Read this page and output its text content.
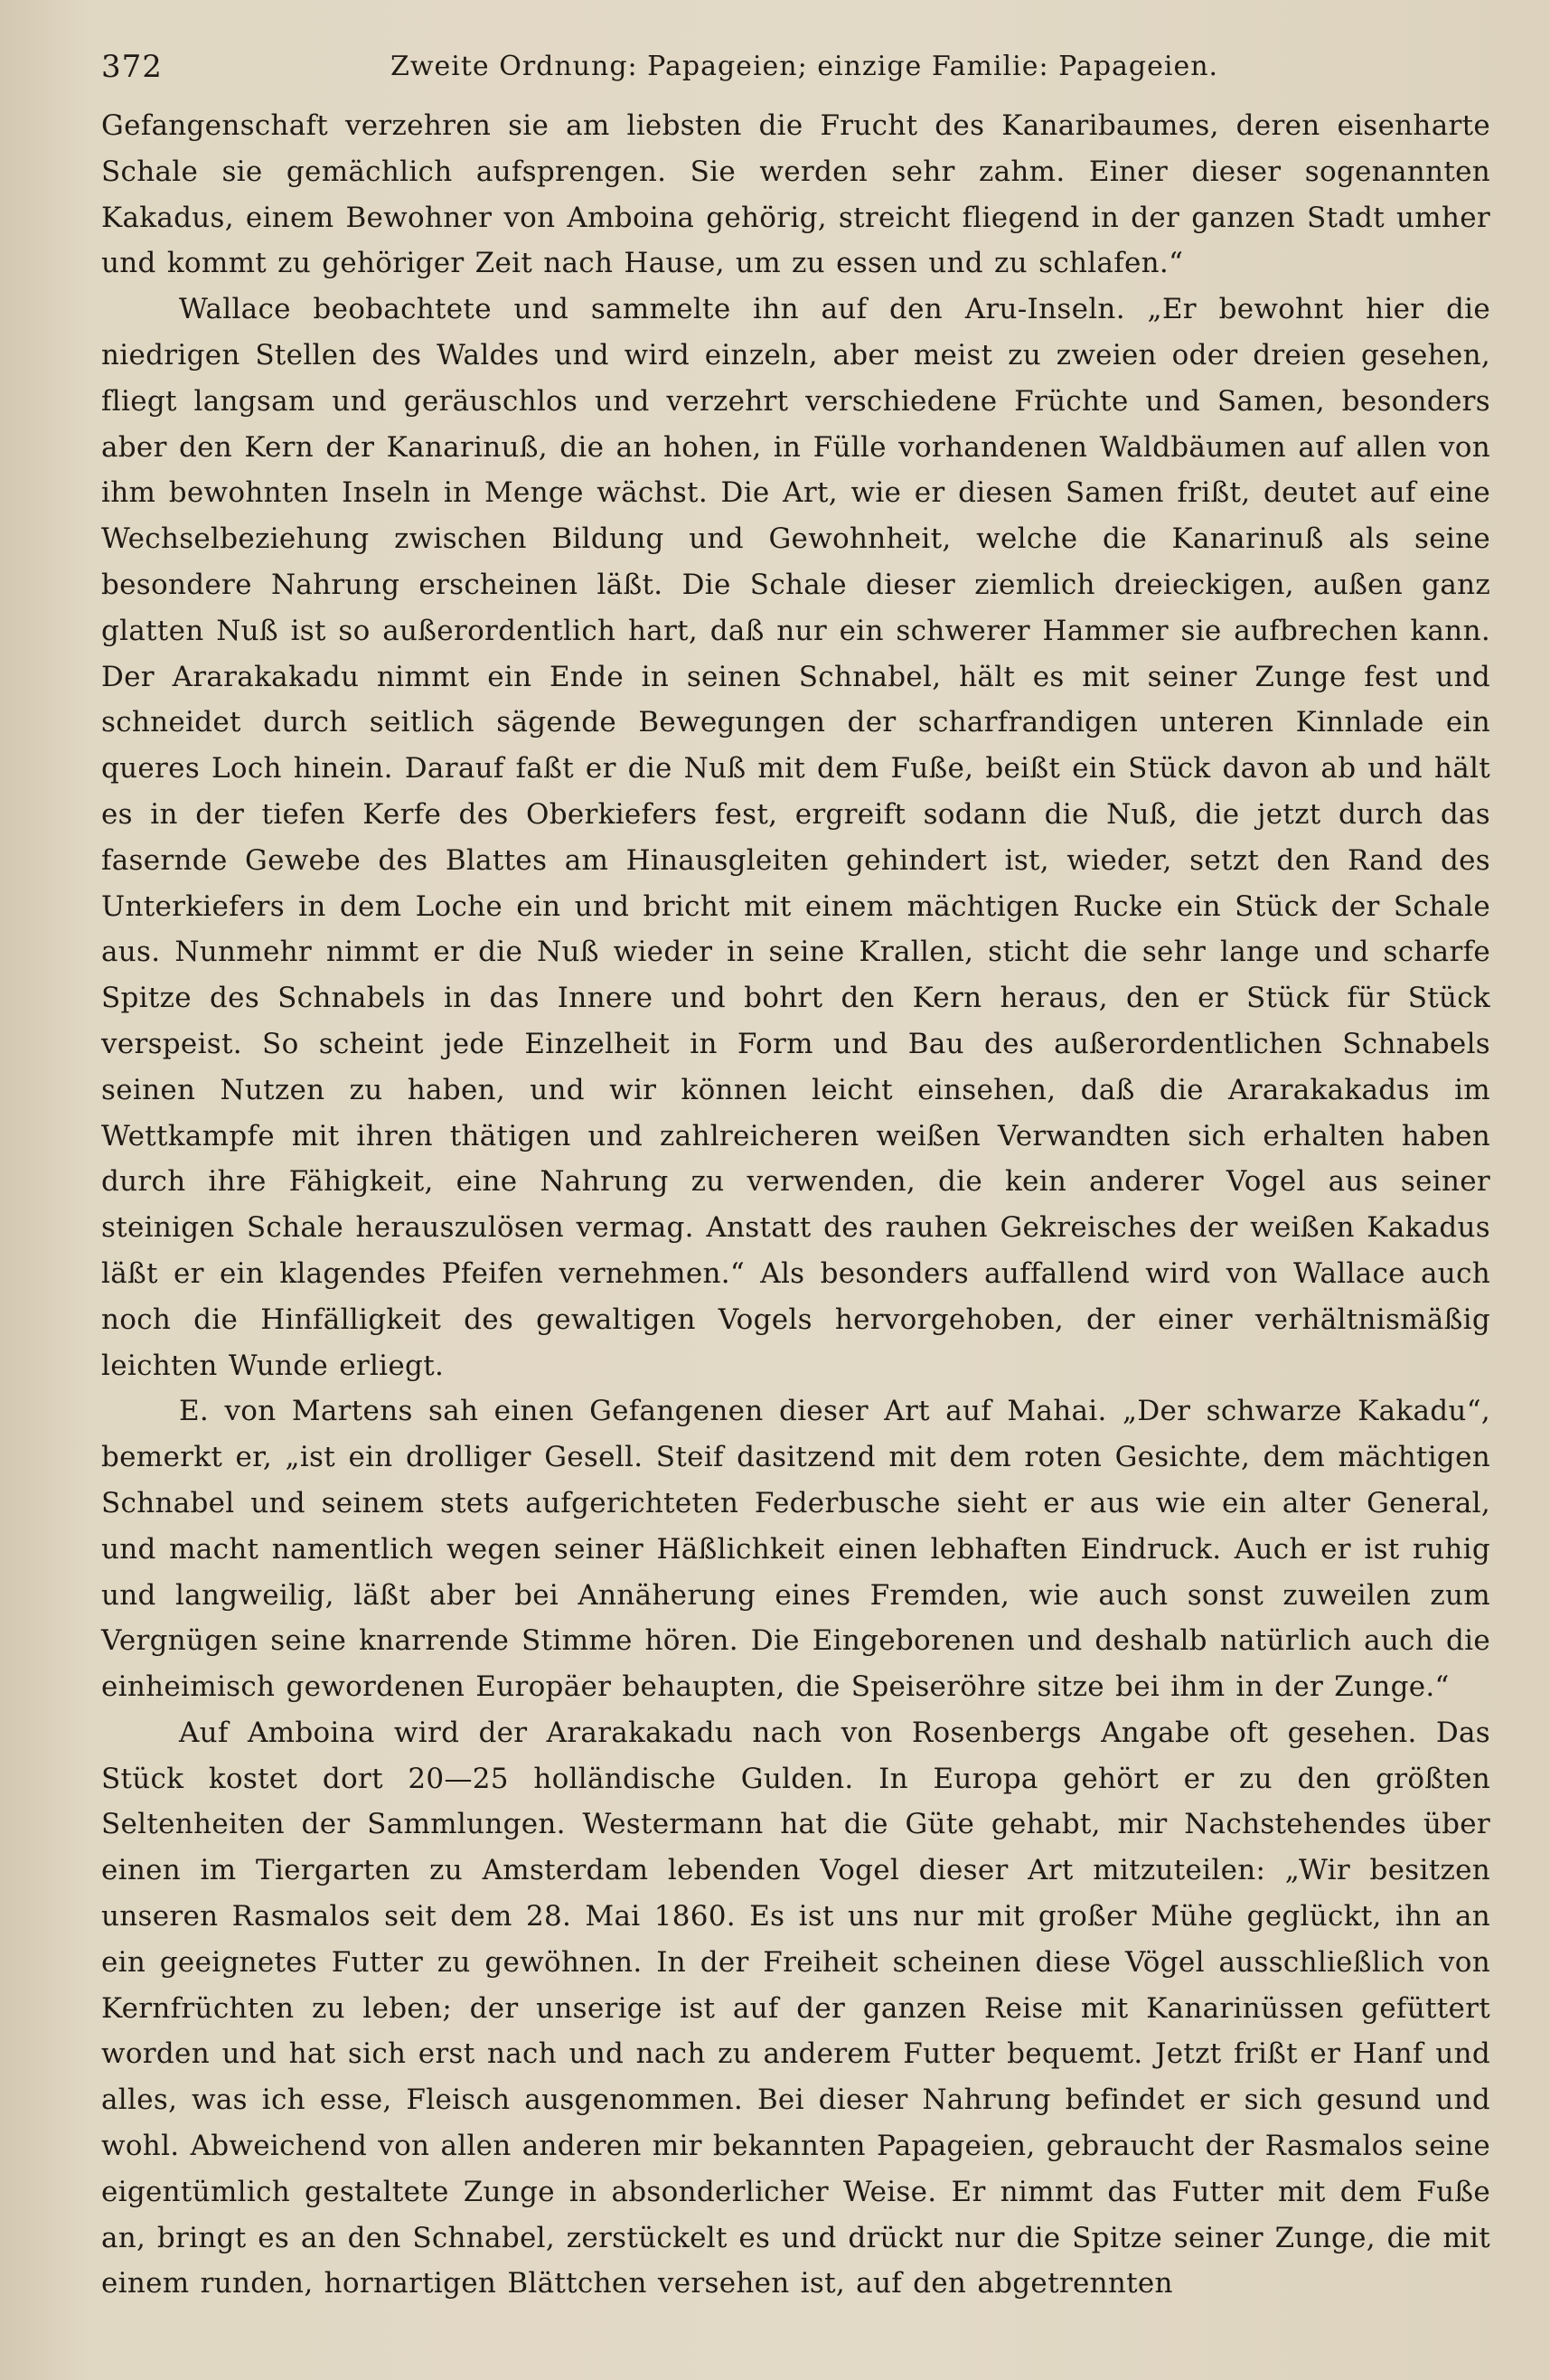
372	Zweite Ordnung: Papageien; einzige Familie: Papageien.

Gefangenschaft verzehren sie am liebsten die Frucht des Kanaribaumes, deren eisenharte Schale sie gemächlich aufsprengen. Sie werden sehr zahm. Einer dieser sogenannten Kakadus, einem Bewohner von Amboina gehörig, streicht fliegend in der ganzen Stadt umher und kommt zu gehöriger Zeit nach Hause, um zu essen und zu schlafen.“

Wallace beobachtete und sammelte ihn auf den Aru-Inseln. „Er bewohnt hier die niedrigen Stellen des Waldes und wird einzeln, aber meist zu zweien oder dreien gesehen, fliegt langsam und geräuschlos und verzehrt verschiedene Früchte und Samen, besonders aber den Kern der Kanarinuß, die an hohen, in Fülle vorhandenen Waldbäumen auf allen von ihm bewohnten Inseln in Menge wächst. Die Art, wie er diesen Samen frißt, deutet auf eine Wechselbeziehung zwischen Bildung und Gewohnheit, welche die Kanarinuß als seine besondere Nahrung erscheinen läßt. Die Schale dieser ziemlich dreieckigen, außen ganz glatten Nuß ist so außerordentlich hart, daß nur ein schwerer Hammer sie aufbrechen kann. Der Ararakakadu nimmt ein Ende in seinen Schnabel, hält es mit seiner Zunge fest und schneidet durch seitlich sägende Bewegungen der scharfrandigen unteren Kinnlade ein queres Loch hinein. Darauf faßt er die Nuß mit dem Fuße, beißt ein Stück davon ab und hält es in der tiefen Kerfe des Oberkiefers fest, ergreift sodann die Nuß, die jetzt durch das fasernde Gewebe des Blattes am Hinausgleiten gehindert ist, wieder, setzt den Rand des Unterkiefers in dem Loche ein und bricht mit einem mächtigen Rucke ein Stück der Schale aus. Nunmehr nimmt er die Nuß wieder in seine Krallen, sticht die sehr lange und scharfe Spitze des Schnabels in das Innere und bohrt den Kern heraus, den er Stück für Stück verspeist. So scheint jede Einzelheit in Form und Bau des außerordentlichen Schnabels seinen Nutzen zu haben, und wir können leicht einsehen, daß die Ararakakadus im Wettkampfe mit ihren thätigen und zahlreicheren weißen Verwandten sich erhalten haben durch ihre Fähigkeit, eine Nahrung zu verwenden, die kein anderer Vogel aus seiner steinigen Schale herauszulösen vermag. Anstatt des rauhen Gekreisches der weißen Kakadus läßt er ein klagendes Pfeifen vernehmen.“ Als besonders auffallend wird von Wallace auch noch die Hinfälligkeit des gewaltigen Vogels hervorgehoben, der einer verhältnismäßig leichten Wunde erliegt.

E. von Martens sah einen Gefangenen dieser Art auf Mahai. „Der schwarze Kakadu“, bemerkt er, „ist ein drolliger Gesell. Steif dasitzend mit dem roten Gesichte, dem mächtigen Schnabel und seinem stets aufgerichteten Federbusche sieht er aus wie ein alter General, und macht namentlich wegen seiner Häßlichkeit einen lebhaften Eindruck. Auch er ist ruhig und langweilig, läßt aber bei Annäherung eines Fremden, wie auch sonst zuweilen zum Vergnügen seine knarrende Stimme hören. Die Eingeborenen und deshalb natürlich auch die einheimisch gewordenen Europäer behaupten, die Speiseröhre sitze bei ihm in der Zunge.“

Auf Amboina wird der Ararakakadu nach von Rosenbergs Angabe oft gesehen. Das Stück kostet dort 20—25 holländische Gulden. In Europa gehört er zu den größten Seltenheiten der Sammlungen. Westermann hat die Güte gehabt, mir Nachstehendes über einen im Tiergarten zu Amsterdam lebenden Vogel dieser Art mitzuteilen: „Wir besitzen unseren Rasmalos seit dem 28. Mai 1860. Es ist uns nur mit großer Mühe geglückt, ihn an ein geeignetes Futter zu gewöhnen. In der Freiheit scheinen diese Vögel ausschließlich von Kernfrüchten zu leben; der unserige ist auf der ganzen Reise mit Kanarinüssen gefüttert worden und hat sich erst nach und nach zu anderem Futter bequemt. Jetzt frißt er Hanf und alles, was ich esse, Fleisch ausgenommen. Bei dieser Nahrung befindet er sich gesund und wohl. Abweichend von allen anderen mir bekannten Papageien, gebraucht der Rasmalos seine eigentümlich gestaltete Zunge in absonderlicher Weise. Er nimmt das Futter mit dem Fuße an, bringt es an den Schnabel, zerstückelt es und drückt nur die Spitze seiner Zunge, die mit einem runden, hornartigen Blättchen versehen ist, auf den abgetrennten
